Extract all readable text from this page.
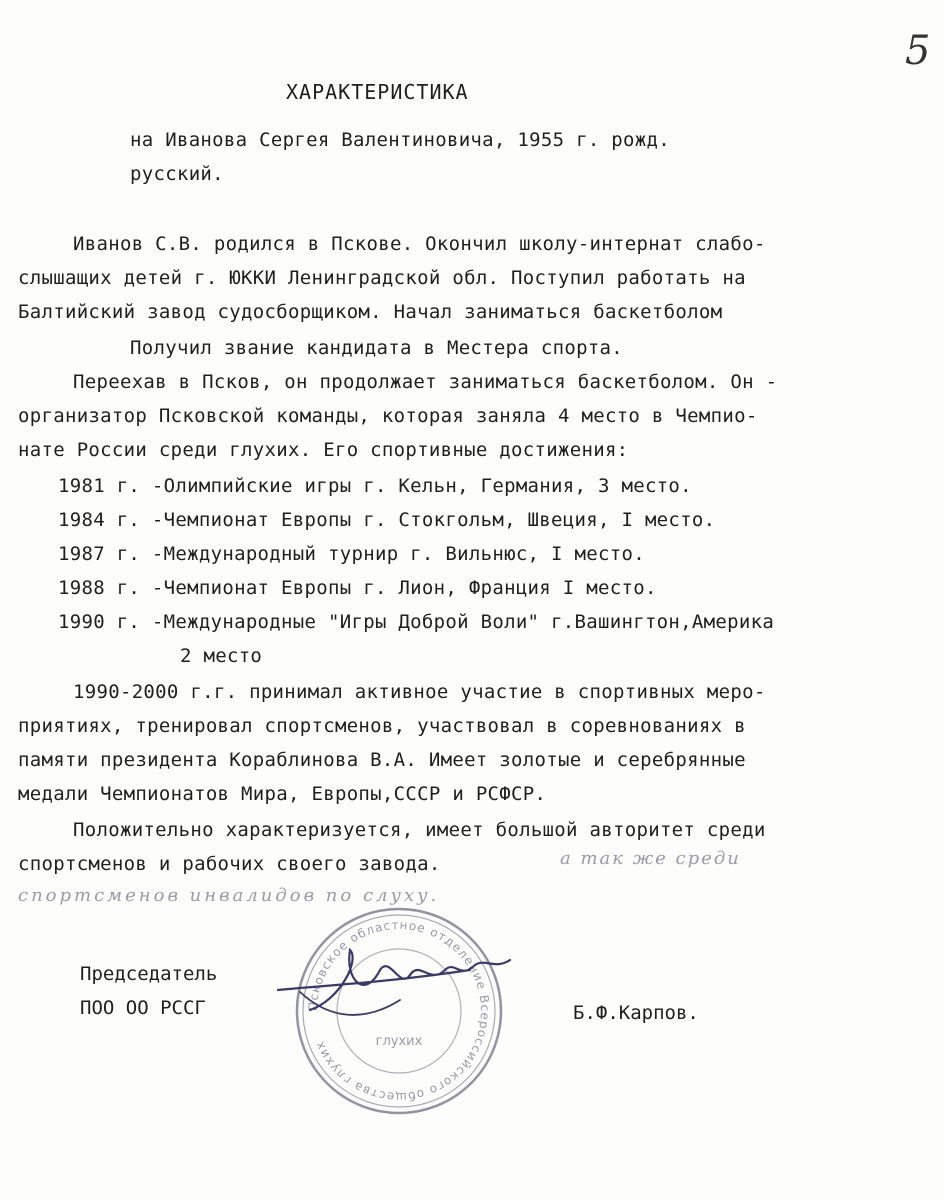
5
ХАРАКТЕРИСТИКА
на Иванова Сергея Валентиновича, 1955 г. рожд.
русский.
Иванов С.В. родился в Пскове. Окончил школу-интернат слабо-
слышащих детей г. ЮККИ Ленинградской обл. Поступил работать на
Балтийский завод судосборщиком. Начал заниматься баскетболом
Получил звание кандидата в Местера спорта.
Переехав в Псков, он продолжает заниматься баскетболом. Он -
организатор Псковской команды, которая заняла 4 место в Чемпио-
нате России среди глухих. Его спортивные достижения:
1981 г. -Олимпийские игры г. Кельн, Германия, 3 место.
1984 г. -Чемпионат Европы г. Стокгольм, Швеция, I место.
1987 г. -Международный турнир г. Вильнюс, I место.
1988 г. -Чемпионат Европы г. Лион, Франция I место.
1990 г. -Международные "Игры Доброй Воли" г.Вашингтон,Америка
2 место
1990-2000 г.г. принимал активное участие в спортивных меро-
приятиях, тренировал спортсменов, участвовал в соревнованиях в
памяти президента Кораблинова В.А. Имеет золотые и серебрянные
медали Чемпионатов Мира, Европы,СССР и РСФСР.
Положительно характеризуется, имеет большой авторитет среди
спортсменов и рабочих своего завода.	а так же среди
спортсменов инвалидов по слуху.
Председатель
ПОО ОО РССГ	Б.Ф.Карпов.
Псковское областное отделение Всероссийского общества глухих	глухих
